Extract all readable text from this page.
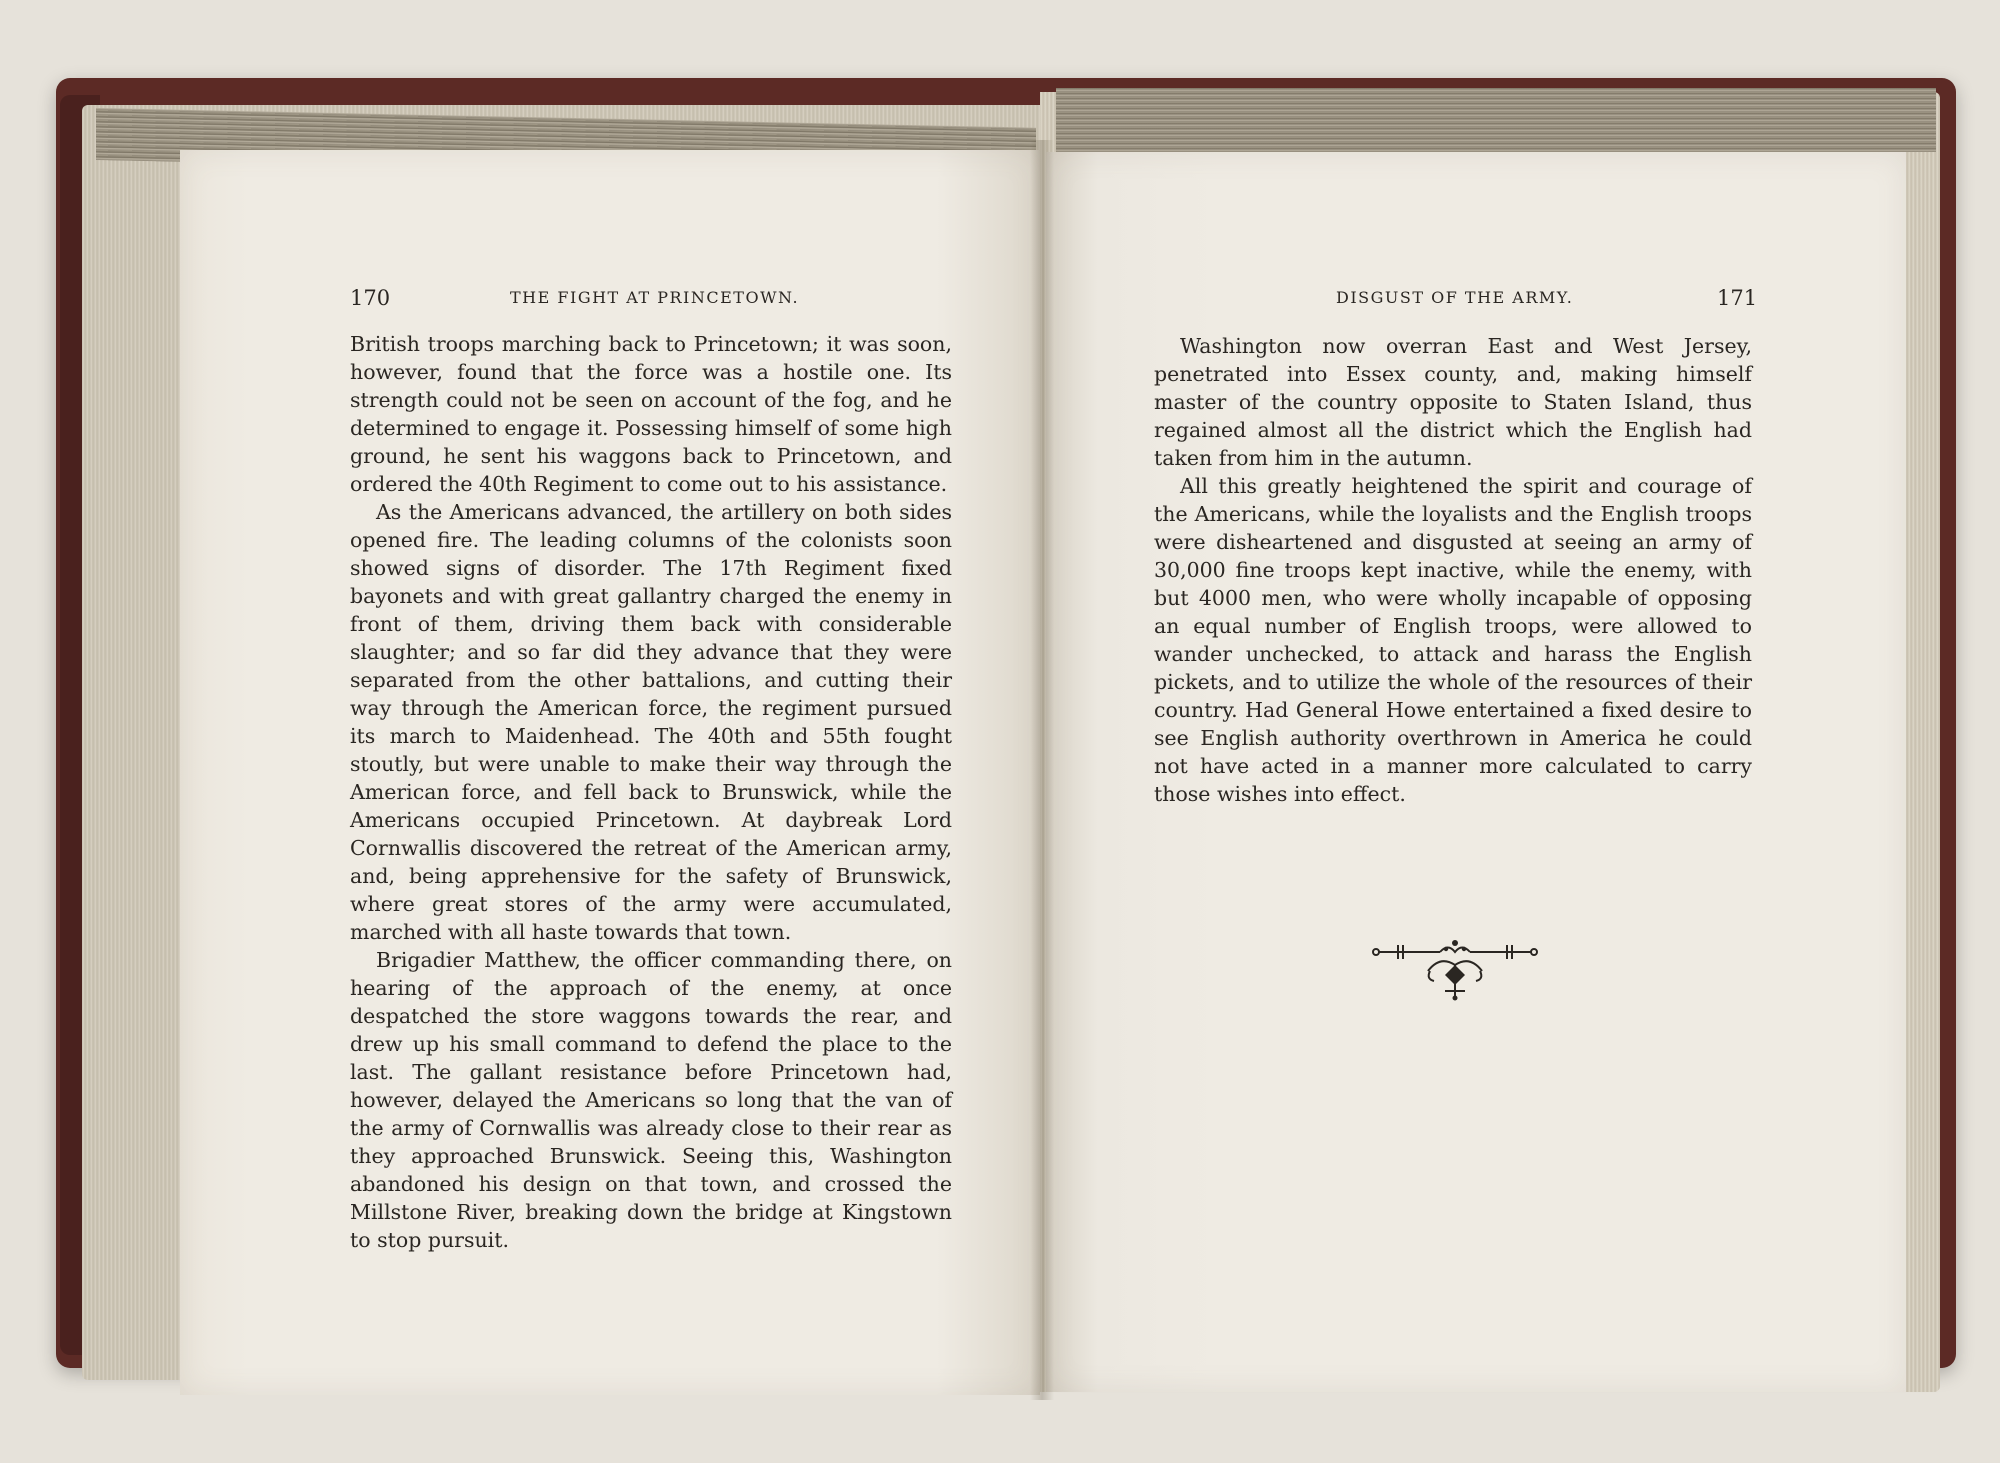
170	THE FIGHT AT PRINCETOWN.	DISGUST OF THE ARMY.	171

British troops marching back to Princetown; it was soon, however, found that the force was a hostile one. Its strength could not be seen on account of the fog, and he determined to engage it. Possessing himself of some high ground, he sent his waggons back to Princetown, and ordered the 40th Regiment to come out to his assistance.

As the Americans advanced, the artillery on both sides opened fire. The leading columns of the colonists soon showed signs of disorder. The 17th Regiment fixed bayonets and with great gallantry charged the enemy in front of them, driving them back with considerable slaughter; and so far did they advance that they were separated from the other battalions, and cutting their way through the American force, the regiment pursued its march to Maidenhead. The 40th and 55th fought stoutly, but were unable to make their way through the American force, and fell back to Brunswick, while the Americans occupied Princetown. At daybreak Lord Cornwallis discovered the retreat of the American army, and, being apprehensive for the safety of Brunswick, where great stores of the army were accumulated, marched with all haste towards that town.

Brigadier Matthew, the officer commanding there, on hearing of the approach of the enemy, at once despatched the store waggons towards the rear, and drew up his small command to defend the place to the last. The gallant resistance before Princetown had, however, delayed the Americans so long that the van of the army of Cornwallis was already close to their rear as they approached Brunswick. Seeing this, Washington abandoned his design on that town, and crossed the Millstone River, breaking down the bridge at Kingstown to stop pursuit.

Washington now overran East and West Jersey, penetrated into Essex county, and, making himself master of the country opposite to Staten Island, thus regained almost all the district which the English had taken from him in the autumn.

All this greatly heightened the spirit and courage of the Americans, while the loyalists and the English troops were disheartened and disgusted at seeing an army of 30,000 fine troops kept inactive, while the enemy, with but 4000 men, who were wholly incapable of opposing an equal number of English troops, were allowed to wander unchecked, to attack and harass the English pickets, and to utilize the whole of the resources of their country. Had General Howe entertained a fixed desire to see English authority overthrown in America he could not have acted in a manner more calculated to carry those wishes into effect.
